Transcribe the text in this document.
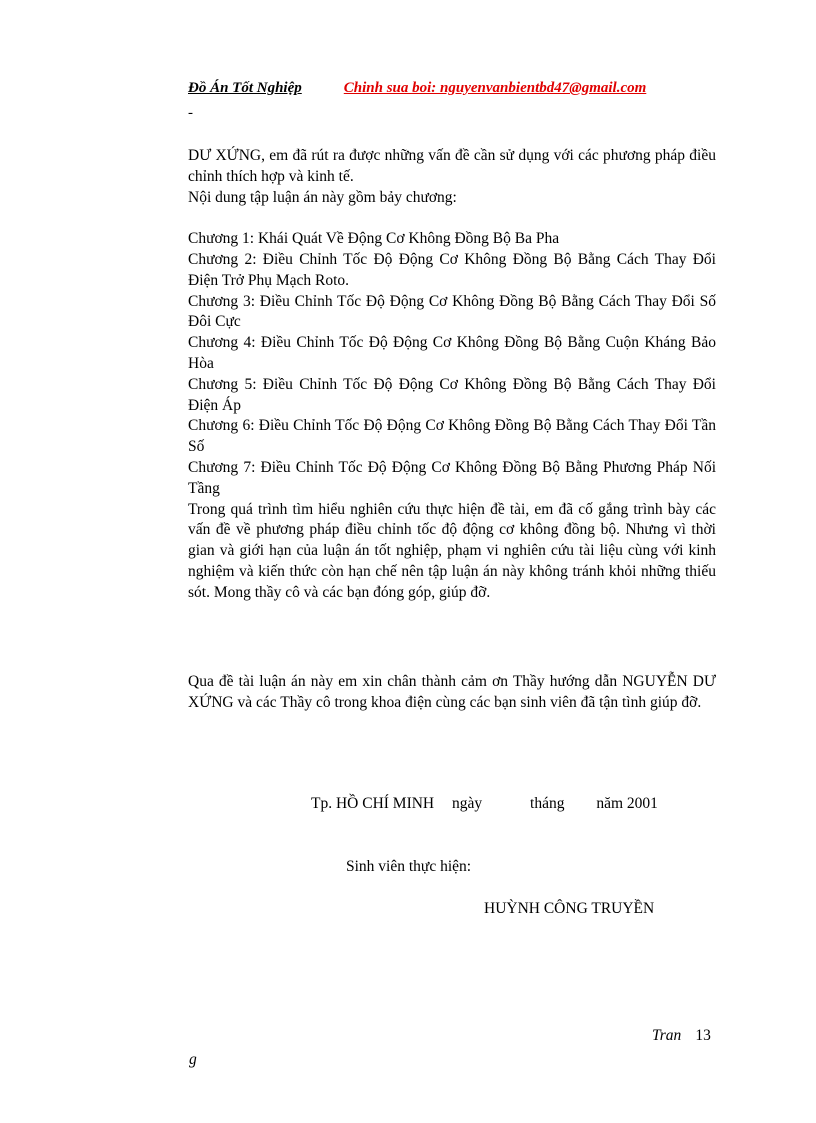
Đồ Án Tốt Nghiệp	Chinh sua boi: nguyenvanbientbd47@gmail.com
-
DƯ XỨNG, em đã rút ra được những vấn đề cần sử dụng với các phương pháp điều chỉnh thích hợp và kinh tế.
Nội dung tập luận án này gồm bảy chương:
Chương 1: Khái Quát Về Động Cơ Không Đồng Bộ Ba Pha
Chương 2: Điều Chỉnh Tốc Độ Động Cơ Không Đồng Bộ Bằng Cách Thay Đổi Điện Trở Phụ Mạch Roto.
Chương 3: Điều Chỉnh Tốc Độ Động Cơ Không Đồng Bộ Bằng Cách Thay Đổi Số Đôi Cực
Chương 4: Điều Chỉnh Tốc Độ Động Cơ Không Đồng Bộ Bằng Cuộn Kháng Bảo Hòa
Chương 5: Điều Chỉnh Tốc Độ Động Cơ Không Đồng Bộ Bằng Cách Thay Đổi Điện Áp
Chương 6: Điều Chỉnh Tốc Độ Động Cơ Không Đồng Bộ Bằng Cách Thay Đổi Tần Số
Chương 7: Điều Chỉnh Tốc Độ Động Cơ Không Đồng Bộ Bằng Phương Pháp Nối Tầng
Trong quá trình tìm hiểu nghiên cứu thực hiện đề tài, em đã cố gắng trình bày các vấn đề về phương pháp điều chỉnh tốc độ động cơ không đồng bộ. Nhưng vì thời gian và giới hạn của luận án tốt nghiệp, phạm vi nghiên cứu tài liệu cùng với kinh nghiệm và kiến thức còn hạn chế nên tập luận án này không tránh khỏi những thiếu sót. Mong thầy cô và các bạn đóng góp, giúp đỡ.
Qua đề tài luận án này em xin chân thành cảm ơn Thầy hướng dẫn NGUYỄN DƯ XỨNG và các Thầy cô trong khoa điện cùng các bạn sinh viên đã tận tình giúp đỡ.
Tp. HỒ CHÍ MINH ngày	tháng năm 2001
Sinh viên thực hiện:
HUỲNH CÔNG TRUYỀN
Tran 13
g
